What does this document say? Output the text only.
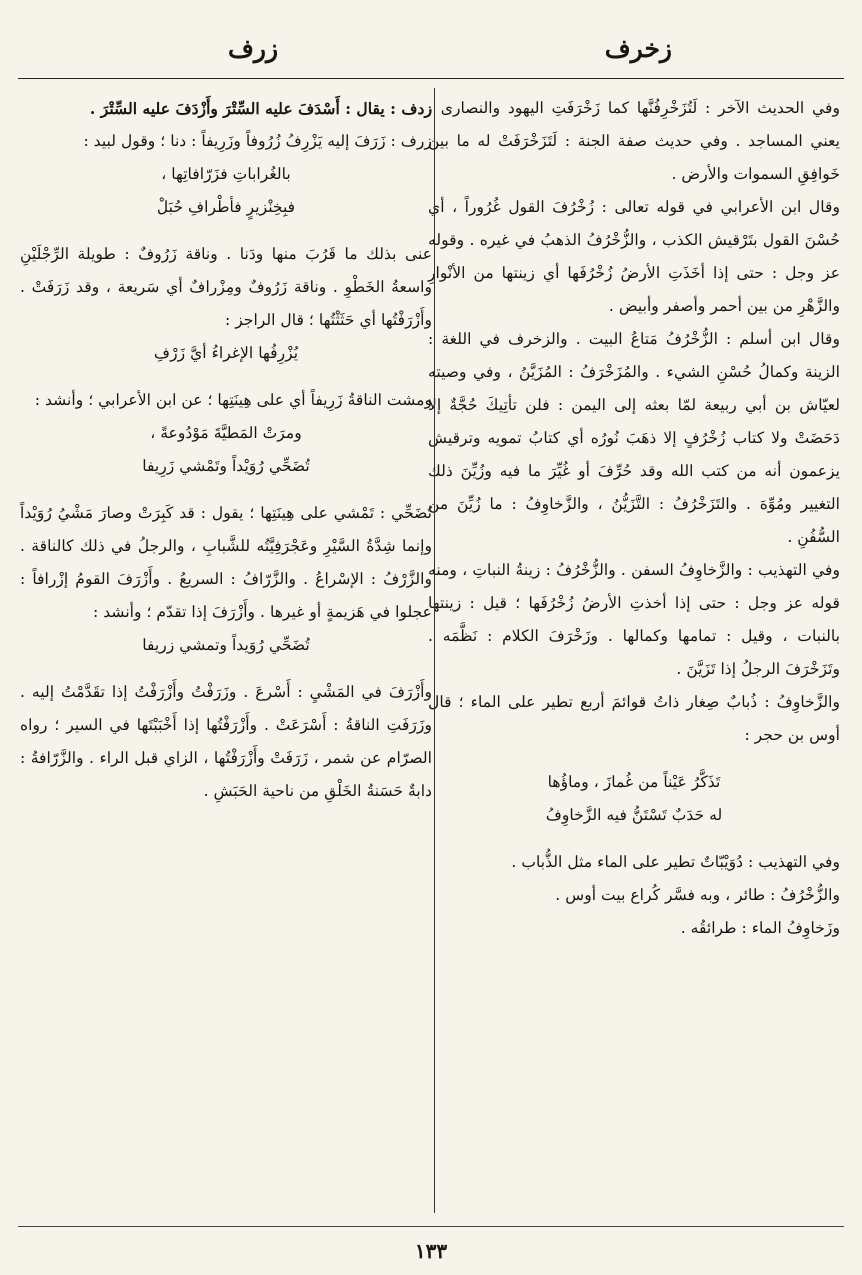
زخرف
زرف

وفي الحديث الآخر : لَتُزَخْرِفُنَّها كما زَخْرَفَتِ اليهود والنصارى ، يعني المساجد . وفي حديث صفة الجنة : لَتَزَخْرَفَتْ له ما بين خَوافِقِ السموات والأرض .

وقال ابن الأعرابي في قوله تعالى : زُخْرُفَ القول غُرُوراً ، أي حُسْنَ القول بتَرْقيش الكذب ، والزُّخْرُفُ الذهبُ في غيره . وقوله عز وجل : حتى إذا أخَذَتِ الأرضُ زُخْرُفَها أي زينتها من الأنْوارِ والزَّهْرِ من بين أحمر وأصفر وأبيض .

وقال ابن أسلم : الزُّخْرُفُ مَتاعُ البيت . والزخرف في اللغة : الزينة وكمالُ حُسْنِ الشيء . والمُزَخْرَفُ : المُزَيَّنُ ، وفي وصيته لعيّاش بن أبي ربيعة لمّا بعثه إلى اليمن : فلن تأتِيكَ حُجَّةٌ إلا دَحَضَتْ ولا كتاب زُخْرُفٍ إلا ذهَبَ نُورُه أي كتابُ تمويه وترقيش يزعمون أنه من كتب الله وقد حُرِّفَ أو غُيِّرَ ما فيه وزُيِّنَ ذلك التغيير ومُوِّهَ . والتَزَخْرُفُ : التَّزَيُّنُ ، والزَّخاوِفُ : ما زُيِّنَ من السُّفُنِ .

وفي التهذيب : والزَّخاوِفُ السفن . والزُّخْرُفُ : زينةُ النباتِ ، ومنه قوله عز وجل : حتى إذا أخذتِ الأرضُ زُخْرُفَها ؛ قيل : زينتها بالنبات ، وقيل : تمامها وكمالها . وزَخْرَفَ الكلام : نَظَّمَه . وتَزَخْرَفَ الرجلُ إذا تَزَيَّنَ .

والزَّخاوِفُ : ذُبابٌ صِغار ذاتُ قوائمَ أربع تطير على الماء ؛ قال أوس بن حجر :

تَذَكَّرُ عَيْناً من غُمازَ ، وماؤُها

له حَدَبٌ تَسْتَنُّ فيه الزَّخاوِفُ

وفي التهذيب : دُوَيْبّاتٌ تطير على الماء مثل الذُّباب .

والزُّخْرُفُ : طائر ، وبه فسَّر كُراع بيت أوس .

وزَخاوِفُ الماء : طرائقُه .

زدف : يقال : أَسْدَفَ عليه السِّتْرَ وأَزْدَفَ عليه السِّتْرَ .

زرف : زَرَفَ إليه يَزْرِفُ زُرُوفاً وزَرِيفاً : دنا ؛ وقول لبيد :

بالغُراباتِ فزَرّافاتِها ،

فبِخِنْزيرٍ فأطْرافِ حُبَلْ

عنى بذلك ما قَرُبَ منها ودَنا . وناقة زَرُوفٌ : طويلة الرِّجْلَيْنِ واسعةُ الخَطْوِ . وناقة زَرُوفٌ ومِزْرافٌ أي سَريعة ، وقد زَرَفَتْ . وأَزْرَفْتُها أي حَثَثْتُها ؛ قال الراجز :

يُزْرِفُها الإغراءُ أيَّ زَرْفِ

ومشت الناقةُ زَرِيفاً أي على هِينَتِها ؛ عن ابن الأعرابي ؛ وأنشد :

ومرَتْ المَطيَّةَ مَوْدُوعةً ،

تُضَحِّي رُوَيْداً وتَمْشي زَرِيفا

تُضَحِّي : تَمْشي على هِينَتِها ؛ يقول : قد كَبِرَتْ وصارَ مَشْيُ رُوَيْداً وإنما شِدَّةُ السَّيْرِ وعَجْرَفِيَّتُه للشَّبابِ ، والرجلُ في ذلك كالناقة . والزَّرْفُ : الإسْراعُ . والزَّرّافُ : السريعُ . وأَزْرَفَ القومُ إزْرافاً : عجلوا في هَزيمةٍ أو غيرها . وأَزْرَفَ إذا تقدّم ؛ وأنشد :

تُضَحِّي رُوَيداً وتمشي زريفا

وأَزْرَفَ في المَشْيِ : أَسْرعَ . وزَرَفْتُ وأَزْرَفْتُ إذا تقَدَّمْتُ إليه . وزَرَفَتِ الناقةُ : أَسْرَعَتْ . وأَزْرَفْتُها إذا أَخْبَبْتَها في السير ؛ رواه الصرّام عن شمر ، زَرَفَتْ وأَزْرَفْتُها ، الزاي قبل الراء . والزَّرّافةُ : دابةٌ حَسَنةُ الخَلْقِ من ناحية الحَبَشِ .

١٣٣
